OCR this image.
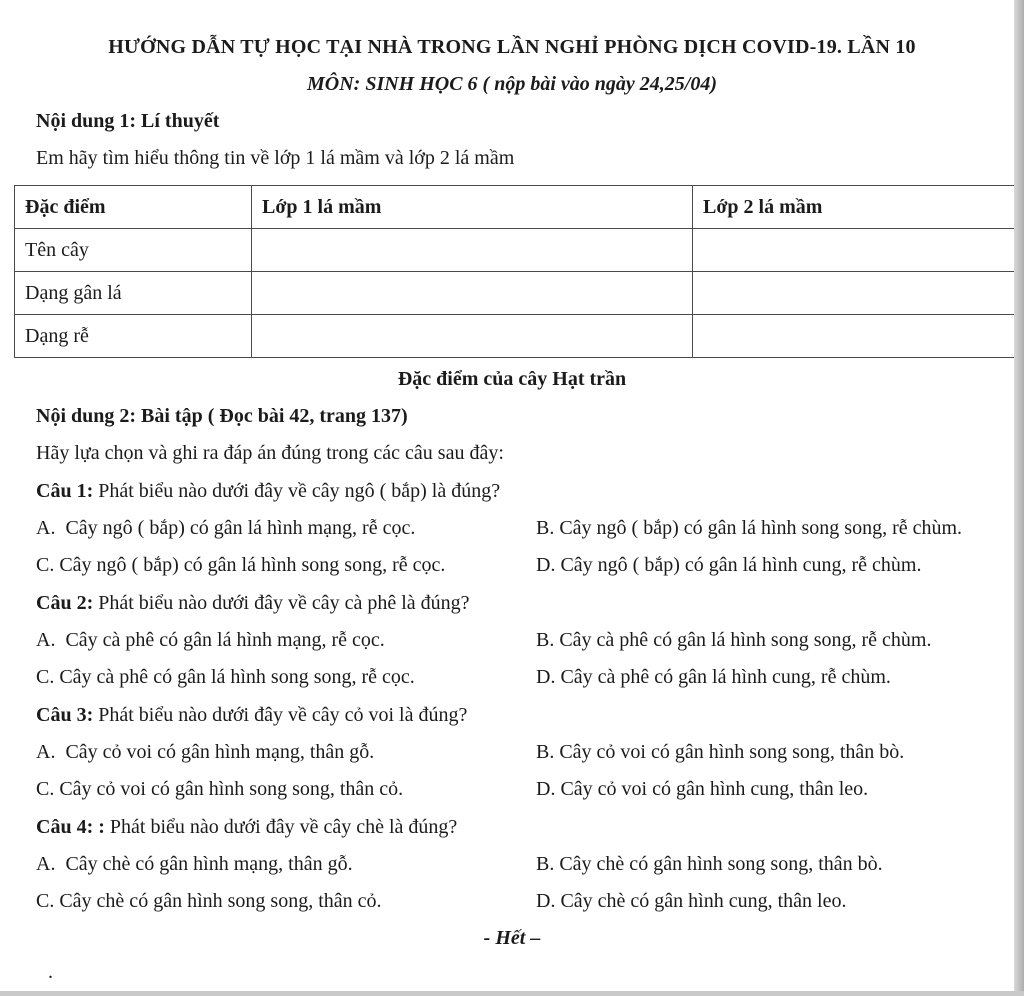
HƯỚNG DẪN TỰ HỌC TẠI NHÀ TRONG LẦN NGHỈ PHÒNG DỊCH COVID-19. LẦN 10

MÔN: SINH HỌC 6 ( nộp bài vào ngày 24,25/04)

Nội dung 1: Lí thuyết

Em hãy tìm hiểu thông tin về lớp 1 lá mầm và lớp 2 lá mầm

Đặc điểm	Lớp 1 lá mầm	Lớp 2 lá mầm
Tên cây		
Dạng gân lá		
Dạng rễ		

Đặc điểm của cây Hạt trần

Nội dung 2: Bài tập ( Đọc bài 42, trang 137)

Hãy lựa chọn và ghi ra đáp án đúng trong các câu sau đây:

Câu 1: Phát biểu nào dưới đây về cây ngô ( bắp) là đúng?

A.  Cây ngô ( bắp) có gân lá hình mạng, rễ cọc.	B. Cây ngô ( bắp) có gân lá hình song song, rễ chùm.
C. Cây ngô ( bắp) có gân lá hình song song, rễ cọc.	D. Cây ngô ( bắp) có gân lá hình cung, rễ chùm.

Câu 2: Phát biểu nào dưới đây về cây cà phê là đúng?

A.  Cây cà phê có gân lá hình mạng, rễ cọc.	B. Cây cà phê có gân lá hình song song, rễ chùm.
C. Cây cà phê có gân lá hình song song, rễ cọc.	D. Cây cà phê có gân lá hình cung, rễ chùm.

Câu 3: Phát biểu nào dưới đây về cây cỏ voi là đúng?

A.  Cây cỏ voi có gân hình mạng, thân gỗ.	B. Cây cỏ voi có gân hình song song, thân bò.
C. Cây cỏ voi có gân hình song song, thân cỏ.	D. Cây cỏ voi có gân hình cung, thân leo.

Câu 4: : Phát biểu nào dưới đây về cây chè là đúng?

A.  Cây chè có gân hình mạng, thân gỗ.	B. Cây chè có gân hình song song, thân bò.
C. Cây chè có gân hình song song, thân cỏ.	D. Cây chè có gân hình cung, thân leo.

- Hết –

.
